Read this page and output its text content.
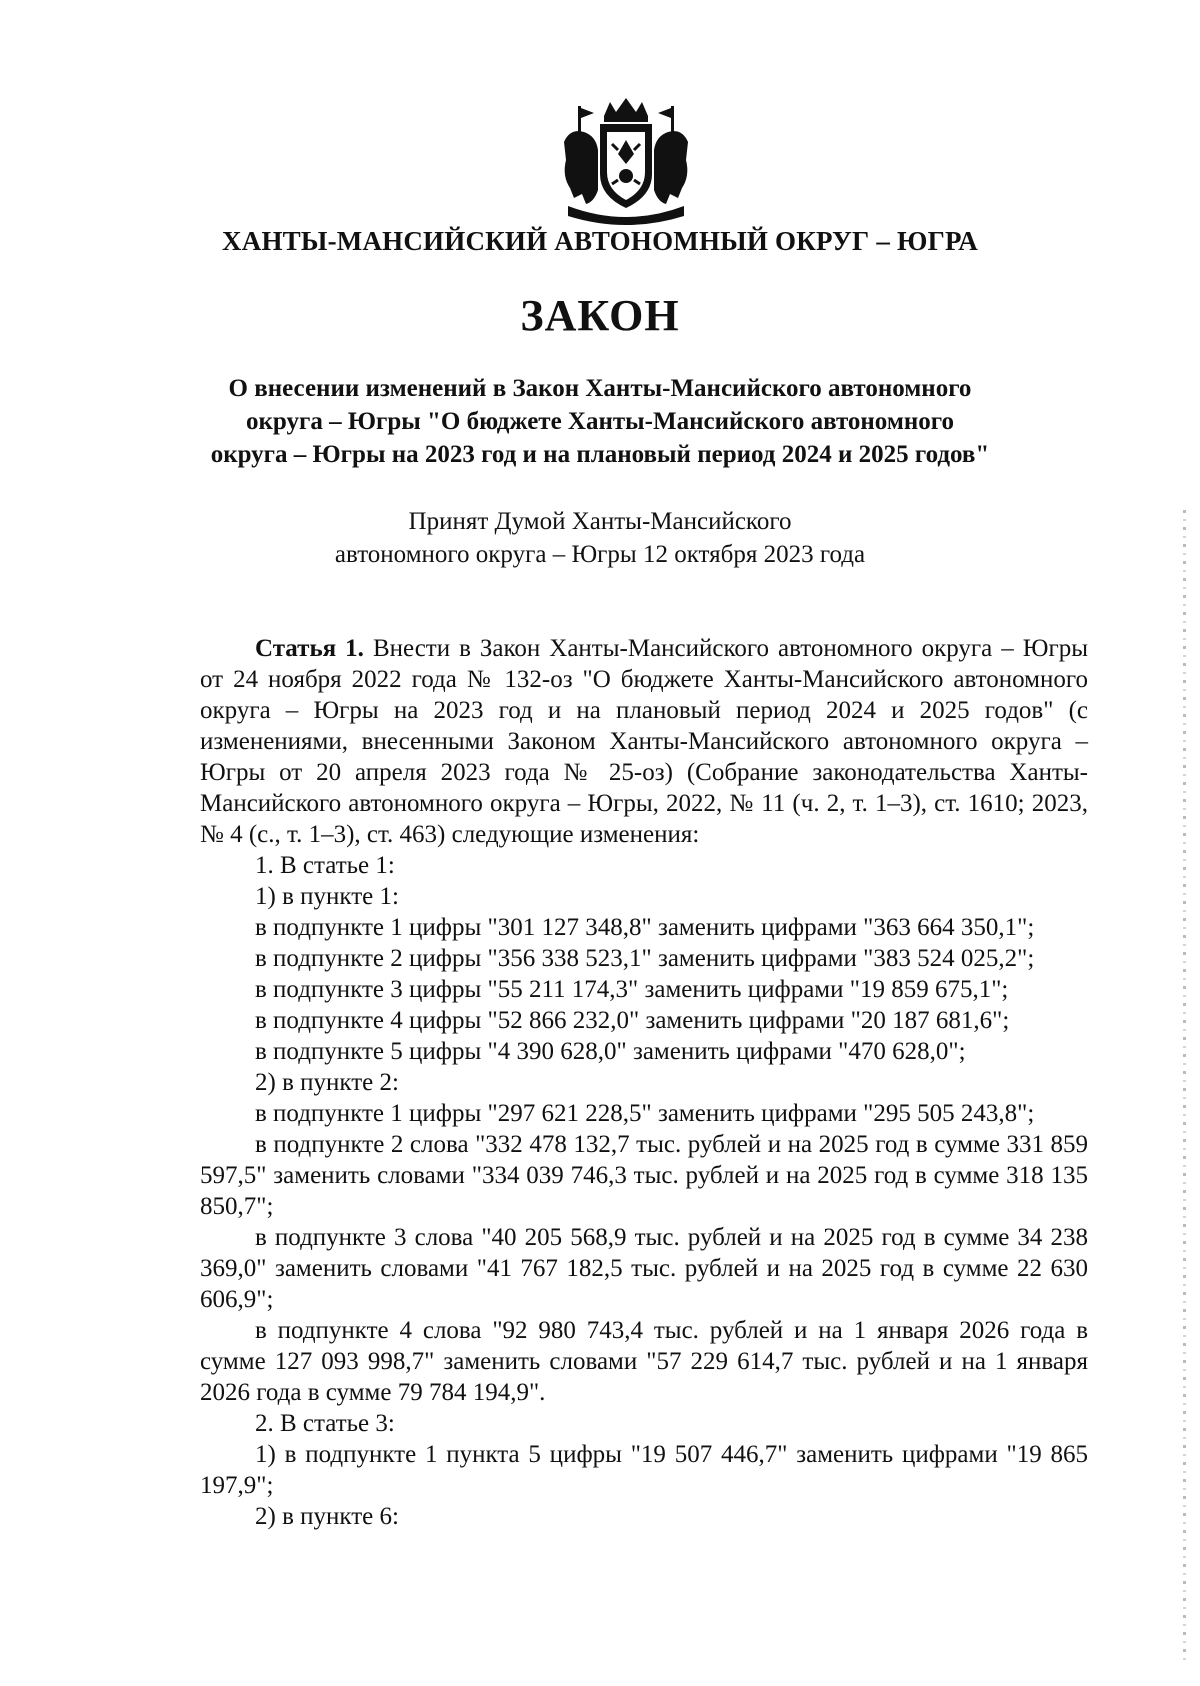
ХАНТЫ-МАНСИЙСКИЙ АВТОНОМНЫЙ ОКРУГ – ЮГРА
ЗАКОН
О внесении изменений в Закон Ханты-Мансийского автономного
округа – Югры "О бюджете Ханты-Мансийского автономного
округа – Югры на 2023 год и на плановый период 2024 и 2025 годов"
Принят Думой Ханты-Мансийского
автономного округа – Югры 12 октября 2023 года

Статья 1. Внести в Закон Ханты-Мансийского автономного округа – Югры от 24 ноября 2022 года № 132-оз "О бюджете Ханты-Мансийского автономного округа – Югры на 2023 год и на плановый период 2024 и 2025 годов" (с изменениями, внесенными Законом Ханты-Мансийского автономного округа – Югры от 20 апреля 2023 года № 25-оз) (Собрание законодательства Ханты-Мансийского автономного округа – Югры, 2022, № 11 (ч. 2, т. 1–3), ст. 1610; 2023, № 4 (с., т. 1–3), ст. 463) следующие изменения:

1. В статье 1:

1) в пункте 1:

в подпункте 1 цифры "301 127 348,8" заменить цифрами "363 664 350,1";

в подпункте 2 цифры "356 338 523,1" заменить цифрами "383 524 025,2";

в подпункте 3 цифры "55 211 174,3" заменить цифрами "19 859 675,1";

в подпункте 4 цифры "52 866 232,0" заменить цифрами "20 187 681,6";

в подпункте 5 цифры "4 390 628,0" заменить цифрами "470 628,0";

2) в пункте 2:

в подпункте 1 цифры "297 621 228,5" заменить цифрами "295 505 243,8";

в подпункте 2 слова "332 478 132,7 тыс. рублей и на 2025 год в сумме 331 859 597,5" заменить словами "334 039 746,3 тыс. рублей и на 2025 год в сумме 318 135 850,7";

в подпункте 3 слова "40 205 568,9 тыс. рублей и на 2025 год в сумме 34 238 369,0" заменить словами "41 767 182,5 тыс. рублей и на 2025 год в сумме 22 630 606,9";

в подпункте 4 слова "92 980 743,4 тыс. рублей и на 1 января 2026 года в сумме 127 093 998,7" заменить словами "57 229 614,7 тыс. рублей и на 1 января 2026 года в сумме 79 784 194,9".

2. В статье 3:

1) в подпункте 1 пункта 5 цифры "19 507 446,7" заменить цифрами "19 865 197,9";

2) в пункте 6:
